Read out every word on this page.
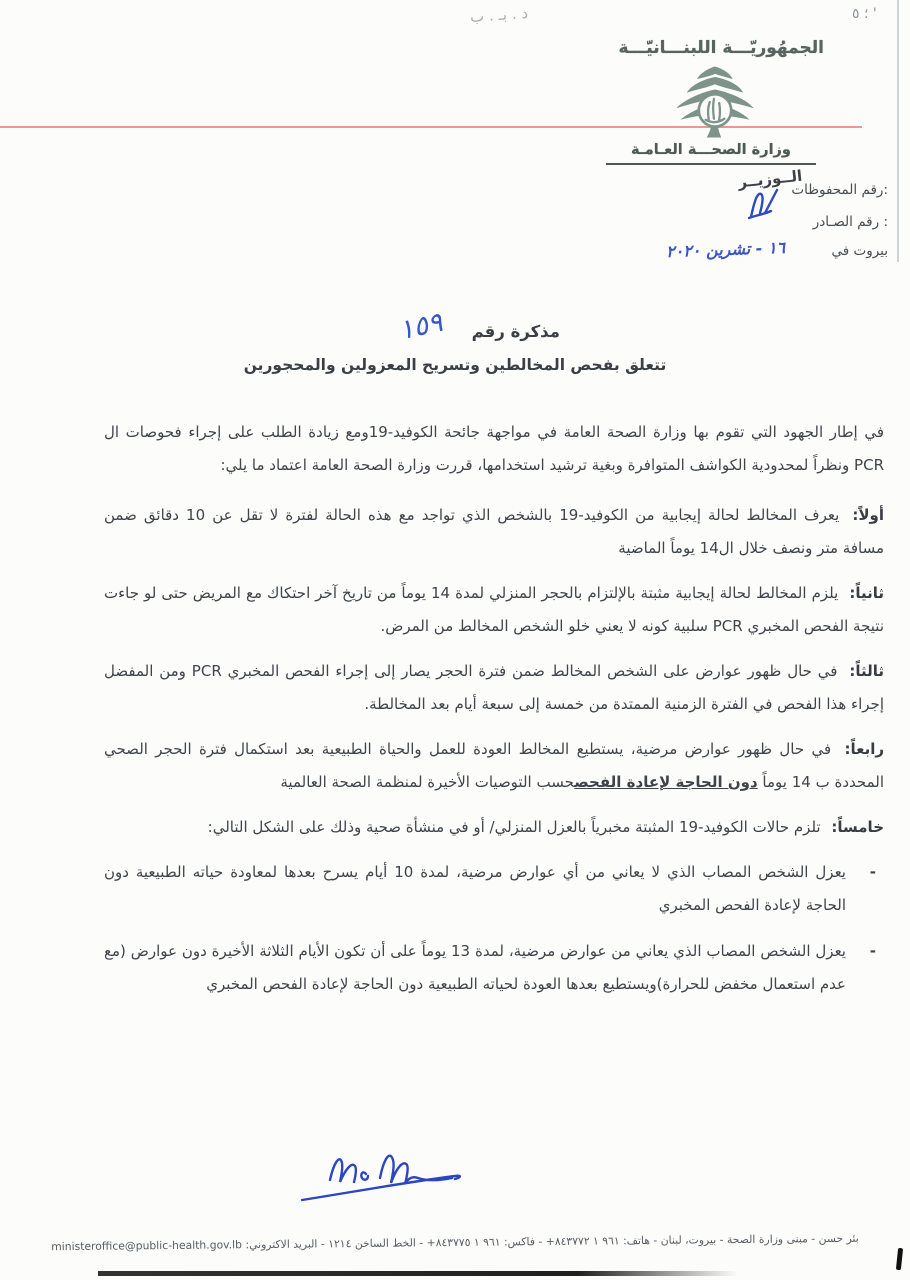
د . بـ . ب	؛ ٥ '
الجمهُوريّـــة اللبنـــانيّـــة
وزارة الصحـــة العـامـة
رقم المحفوظات:
الــوزيــر
رقم الصـادر :
بيروت في
١٦ - تشرين ٢٠٢٠
مذكرة رقم
١٥٩
تتعلق بفحص المخالطين وتسريح المعزولين والمحجورين

في إطار الجهود التي تقوم بها وزارة الصحة العامة في مواجهة جائحة الكوفيد-19ومع زيادة الطلب على إجراء فحوصات ال PCR ونظراً لمحدودية الكواشف المتوافرة وبغية ترشيد استخدامها، قررت وزارة الصحة العامة اعتماد ما يلي:

أولاً: يعرف المخالط لحالة إيجابية من الكوفيد-19 بالشخص الذي تواجد مع هذه الحالة لفترة لا تقل عن 10 دقائق ضمن مسافة متر ونصف خلال ال14 يوماً الماضية

ثانياً: يلزم المخالط لحالة إيجابية مثبتة بالإلتزام بالحجر المنزلي لمدة 14 يوماً من تاريخ آخر احتكاك مع المريض حتى لو جاءت نتيجة الفحص المخبري PCR سلبية كونه لا يعني خلو الشخص المخالط من المرض.

ثالثاً: في حال ظهور عوارض على الشخص المخالط ضمن فترة الحجر يصار إلى إجراء الفحص المخبري PCR ومن المفضل إجراء هذا الفحص في الفترة الزمنية الممتدة من خمسة إلى سبعة أيام بعد المخالطة.

رابعاً: في حال ظهور عوارض مرضية، يستطيع المخالط العودة للعمل والحياة الطبيعية بعد استكمال فترة الحجر الصحي المحددة ب 14 يوماً دون الحاجة لإعادة الفحصحسب التوصيات الأخيرة لمنظمة الصحة العالمية

خامساً: تلزم حالات الكوفيد-19 المثبتة مخبرياً بالعزل المنزلي/ أو في منشأة صحية وذلك على الشكل التالي:

-
يعزل الشخص المصاب الذي لا يعاني من أي عوارض مرضية، لمدة 10 أيام يسرح بعدها لمعاودة حياته الطبيعية دون الحاجة لإعادة الفحص المخبري
-
يعزل الشخص المصاب الذي يعاني من عوارض مرضية، لمدة 13 يوماً على أن تكون الأيام الثلاثة الأخيرة دون عوارض (مع عدم استعمال مخفض للحرارة)ويستطيع بعدها العودة لحياته الطبيعية دون الحاجة لإعادة الفحص المخبري
بئر حسن - مبنى وزارة الصحة - بيروت، لبنان - هاتف: +٩٦١ ١ ٨٤٣٧٧٢ - فاكس: +٩٦١ ١ ٨٤٣٧٧٥ - الخط الساخن ١٢١٤ - البريد الاكتروني: ministeroffice@public-health.gov.lb
